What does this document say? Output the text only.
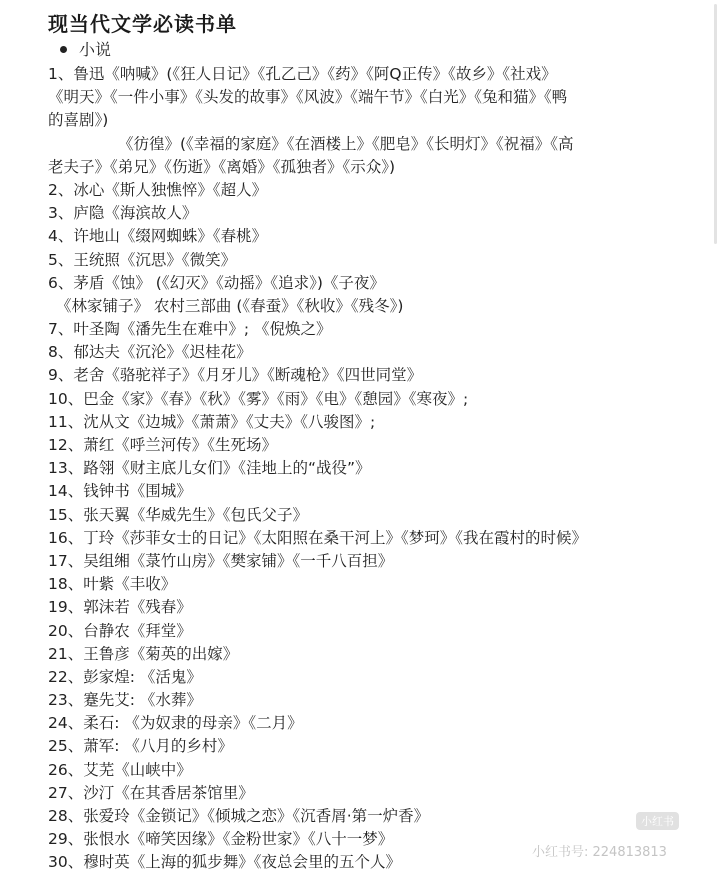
现当代文学必读书单
小说
1、鲁迅《呐喊》(《狂人日记》《孔乙己》《药》《阿Q正传》《故乡》《社戏》
《明天》《一件小事》《头发的故事》《风波》《端午节》《白光》《兔和猫》《鸭
的喜剧》)
《彷徨》(《幸福的家庭》《在酒楼上》《肥皂》《长明灯》《祝福》《高
老夫子》《弟兄》《伤逝》《离婚》《孤独者》《示众》)
2、冰心《斯人独憔悴》《超人》
3、庐隐《海滨故人》
4、许地山《缀网蜘蛛》《春桃》
5、王统照《沉思》《微笑》
6、茅盾《蚀》 (《幻灭》《动摇》《追求》)《子夜》
《林家铺子》 农村三部曲 (《春蚕》《秋收》《残冬》)
7、叶圣陶《潘先生在难中》; 《倪焕之》
8、郁达夫《沉沦》《迟桂花》
9、老舍《骆驼祥子》《月牙儿》《断魂枪》《四世同堂》
10、巴金《家》《春》《秋》《雾》《雨》《电》《憩园》《寒夜》;
11、沈从文《边城》《萧萧》《丈夫》《八骏图》;
12、萧红《呼兰河传》《生死场》
13、路翎《财主底儿女们》《洼地上的“战役”》
14、钱钟书《围城》
15、张天翼《华威先生》《包氏父子》
16、丁玲《莎菲女士的日记》《太阳照在桑干河上》《梦珂》《我在霞村的时候》
17、吴组缃《菉竹山房》《樊家铺》《一千八百担》
18、叶紫《丰收》
19、郭沫若《残春》
20、台静农《拜堂》
21、王鲁彦《菊英的出嫁》
22、彭家煌: 《活鬼》
23、蹇先艾: 《水葬》
24、柔石: 《为奴隶的母亲》《二月》
25、萧军: 《八月的乡村》
26、艾芜《山峡中》
27、沙汀《在其香居茶馆里》
28、张爱玲《金锁记》《倾城之恋》《沉香屑·第一炉香》
29、张恨水《啼笑因缘》《金粉世家》《八十一梦》
30、穆时英《上海的狐步舞》《夜总会里的五个人》
小红书
小红书号: 224813813
